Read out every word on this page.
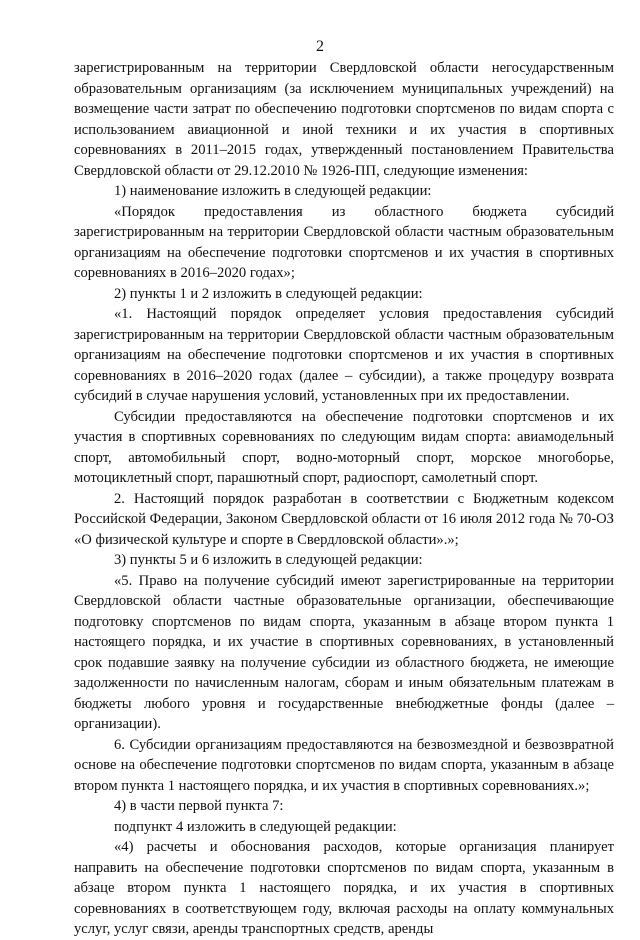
2

зарегистрированным на территории Свердловской области негосударственным образовательным организациям (за исключением муниципальных учреждений) на возмещение части затрат по обеспечению подготовки спортсменов по видам спорта с использованием авиационной и иной техники и их участия в спортивных соревнованиях в 2011–2015 годах, утвержденный постановлением Правительства Свердловской области от 29.12.2010 № 1926-ПП, следующие изменения:

1) наименование изложить в следующей редакции:

«Порядок предоставления из областного бюджета субсидий зарегистрированным на территории Свердловской области частным образовательным организациям на обеспечение подготовки спортсменов и их участия в спортивных соревнованиях в 2016–2020 годах»;

2) пункты 1 и 2 изложить в следующей редакции:

«1. Настоящий порядок определяет условия предоставления субсидий зарегистрированным на территории Свердловской области частным образовательным организациям на обеспечение подготовки спортсменов и их участия в спортивных соревнованиях в 2016–2020 годах (далее – субсидии), а также процедуру возврата субсидий в случае нарушения условий, установленных при их предоставлении.

Субсидии предоставляются на обеспечение подготовки спортсменов и их участия в спортивных соревнованиях по следующим видам спорта: авиамодельный спорт, автомобильный спорт, водно-моторный спорт, морское многоборье, мотоциклетный спорт, парашютный спорт, радиоспорт, самолетный спорт.

2. Настоящий порядок разработан в соответствии с Бюджетным кодексом Российской Федерации, Законом Свердловской области от 16 июля 2012 года № 70-ОЗ «О физической культуре и спорте в Свердловской области».»;

3) пункты 5 и 6 изложить в следующей редакции:

«5. Право на получение субсидий имеют зарегистрированные на территории Свердловской области частные образовательные организации, обеспечивающие подготовку спортсменов по видам спорта, указанным в абзаце втором пункта 1 настоящего порядка, и их участие в спортивных соревнованиях, в установленный срок подавшие заявку на получение субсидии из областного бюджета, не имеющие задолженности по начисленным налогам, сборам и иным обязательным платежам в бюджеты любого уровня и государственные внебюджетные фонды (далее – организации).

6. Субсидии организациям предоставляются на безвозмездной и безвозвратной основе на обеспечение подготовки спортсменов по видам спорта, указанным в абзаце втором пункта 1 настоящего порядка, и их участия в спортивных соревнованиях.»;

4) в части первой пункта 7:

подпункт 4 изложить в следующей редакции:

«4) расчеты и обоснования расходов, которые организация планирует направить на обеспечение подготовки спортсменов по видам спорта, указанным в абзаце втором пункта 1 настоящего порядка, и их участия в спортивных соревнованиях в соответствующем году, включая расходы на оплату коммунальных услуг, услуг связи, аренды транспортных средств, аренды
